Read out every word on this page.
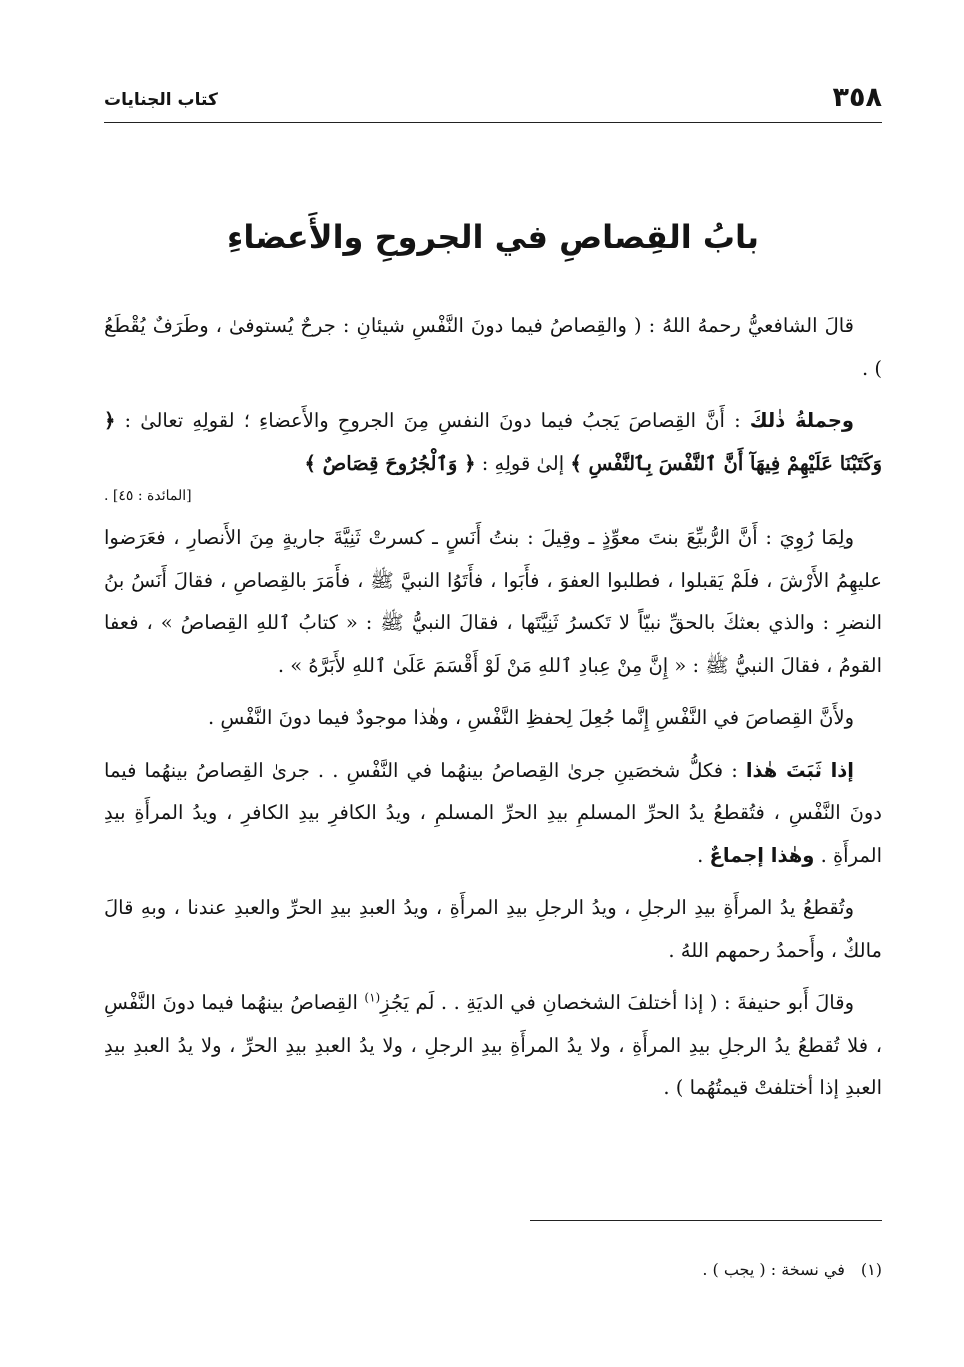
٣٥٨
كتاب الجنايات
بابُ القِصاصِ في الجروحِ والأَعضاءِ

قالَ الشافعيُّ رحمهُ اللهُ : ( والقِصاصُ فيما دونَ النَّفْسِ شيئانِ : جرحٌ يُستوفىٰ ، وطَرَفٌ يُقْطَعُ ) .

وجملةُ ذٰلكَ : أَنَّ القِصاصَ يَجبُ فيما دونَ النفسِ مِنَ الجروحِ والأَعضاءِ ؛ لقولِهِ تعالىٰ : ﴿ وَكَتَبْنَا عَلَيْهِمْ فِيهَآ أَنَّ ٱلنَّفْسَ بِٱلنَّفْسِ ﴾ إلىٰ قولِهِ : ﴿ وَٱلْجُرُوحَ قِصَاصٌ ﴾

[المائدة : ٤٥] .

ولِمَا رُوِيَ : أَنَّ الرُّبيِّعَ بنتَ معوِّذٍ ـ وقِيلَ : بنتُ أَنَسٍ ـ كسرتْ ثَنِيَّةَ جاريةٍ مِنَ الأَنصارِ ، فعَرَضوا عليهِمُ الأَرْشَ ، فلَمْ يَقبلوا ، فطلبوا العفوَ ، فأَبَوا ، فأَتَوُا النبيَّ ﷺ ، فأَمَرَ بالقِصاصِ ، فقالَ أَنَسُ بنُ النضرِ : والذي بعثكَ بالحقِّ نبيّاً لا تَكسرُ ثَنِيَّتَها ، فقالَ النبيُّ ﷺ : « كتابُ ٱللهِ القِصاصُ » ، فعفا القومُ ، فقالَ النبيُّ ﷺ : « إِنَّ مِنْ عِبادِ ٱللهِ مَنْ لَوْ أَقْسَمَ عَلَىٰ ٱللهِ لأَبَرَّهُ » .

ولأَنَّ القِصاصَ في النَّفْسِ إِنَّما جُعِلَ لِحفظِ النَّفْسِ ، وهٰذا موجودٌ فيما دونَ النَّفْسِ .

إذا ثَبَتَ هٰذا : فكلُّ شخصَينِ جرىٰ القِصاصُ بينهُما في النَّفْسِ . . جرىٰ القِصاصُ بينهُما فيما دونَ النَّفْسِ ، فتُقطعُ يدُ الحرِّ المسلمِ بيدِ الحرِّ المسلمِ ، ويدُ الكافرِ بيدِ الكافرِ ، ويدُ المرأَةِ بيدِ المرأَةِ . وهٰذا إجماعٌ .

وتُقطعُ يدُ المرأَةِ بيدِ الرجلِ ، ويدُ الرجلِ بيدِ المرأَةِ ، ويدُ العبدِ بيدِ الحرِّ والعبدِ عندنا ، وبهِ قالَ مالكٌ ، وأَحمدُ رحمهم اللهُ .

وقالَ أَبو حنيفةَ : ( إذا أختلفَ الشخصانِ في الديَةِ . . لَم يَجُزِ$^{(١)}$ القِصاصُ بينهُما فيما دونَ النَّفْسِ ، فلا تُقطعُ يدُ الرجلِ بيدِ المرأَةِ ، ولا يدُ المرأَةِ بيدِ الرجلِ ، ولا يدُ العبدِ بيدِ الحرِّ ، ولا يدُ العبدِ بيدِ العبدِ إذا أختلفتْ قيمتُهُما ) .

(١)في نسخة : ( يجب ) .
